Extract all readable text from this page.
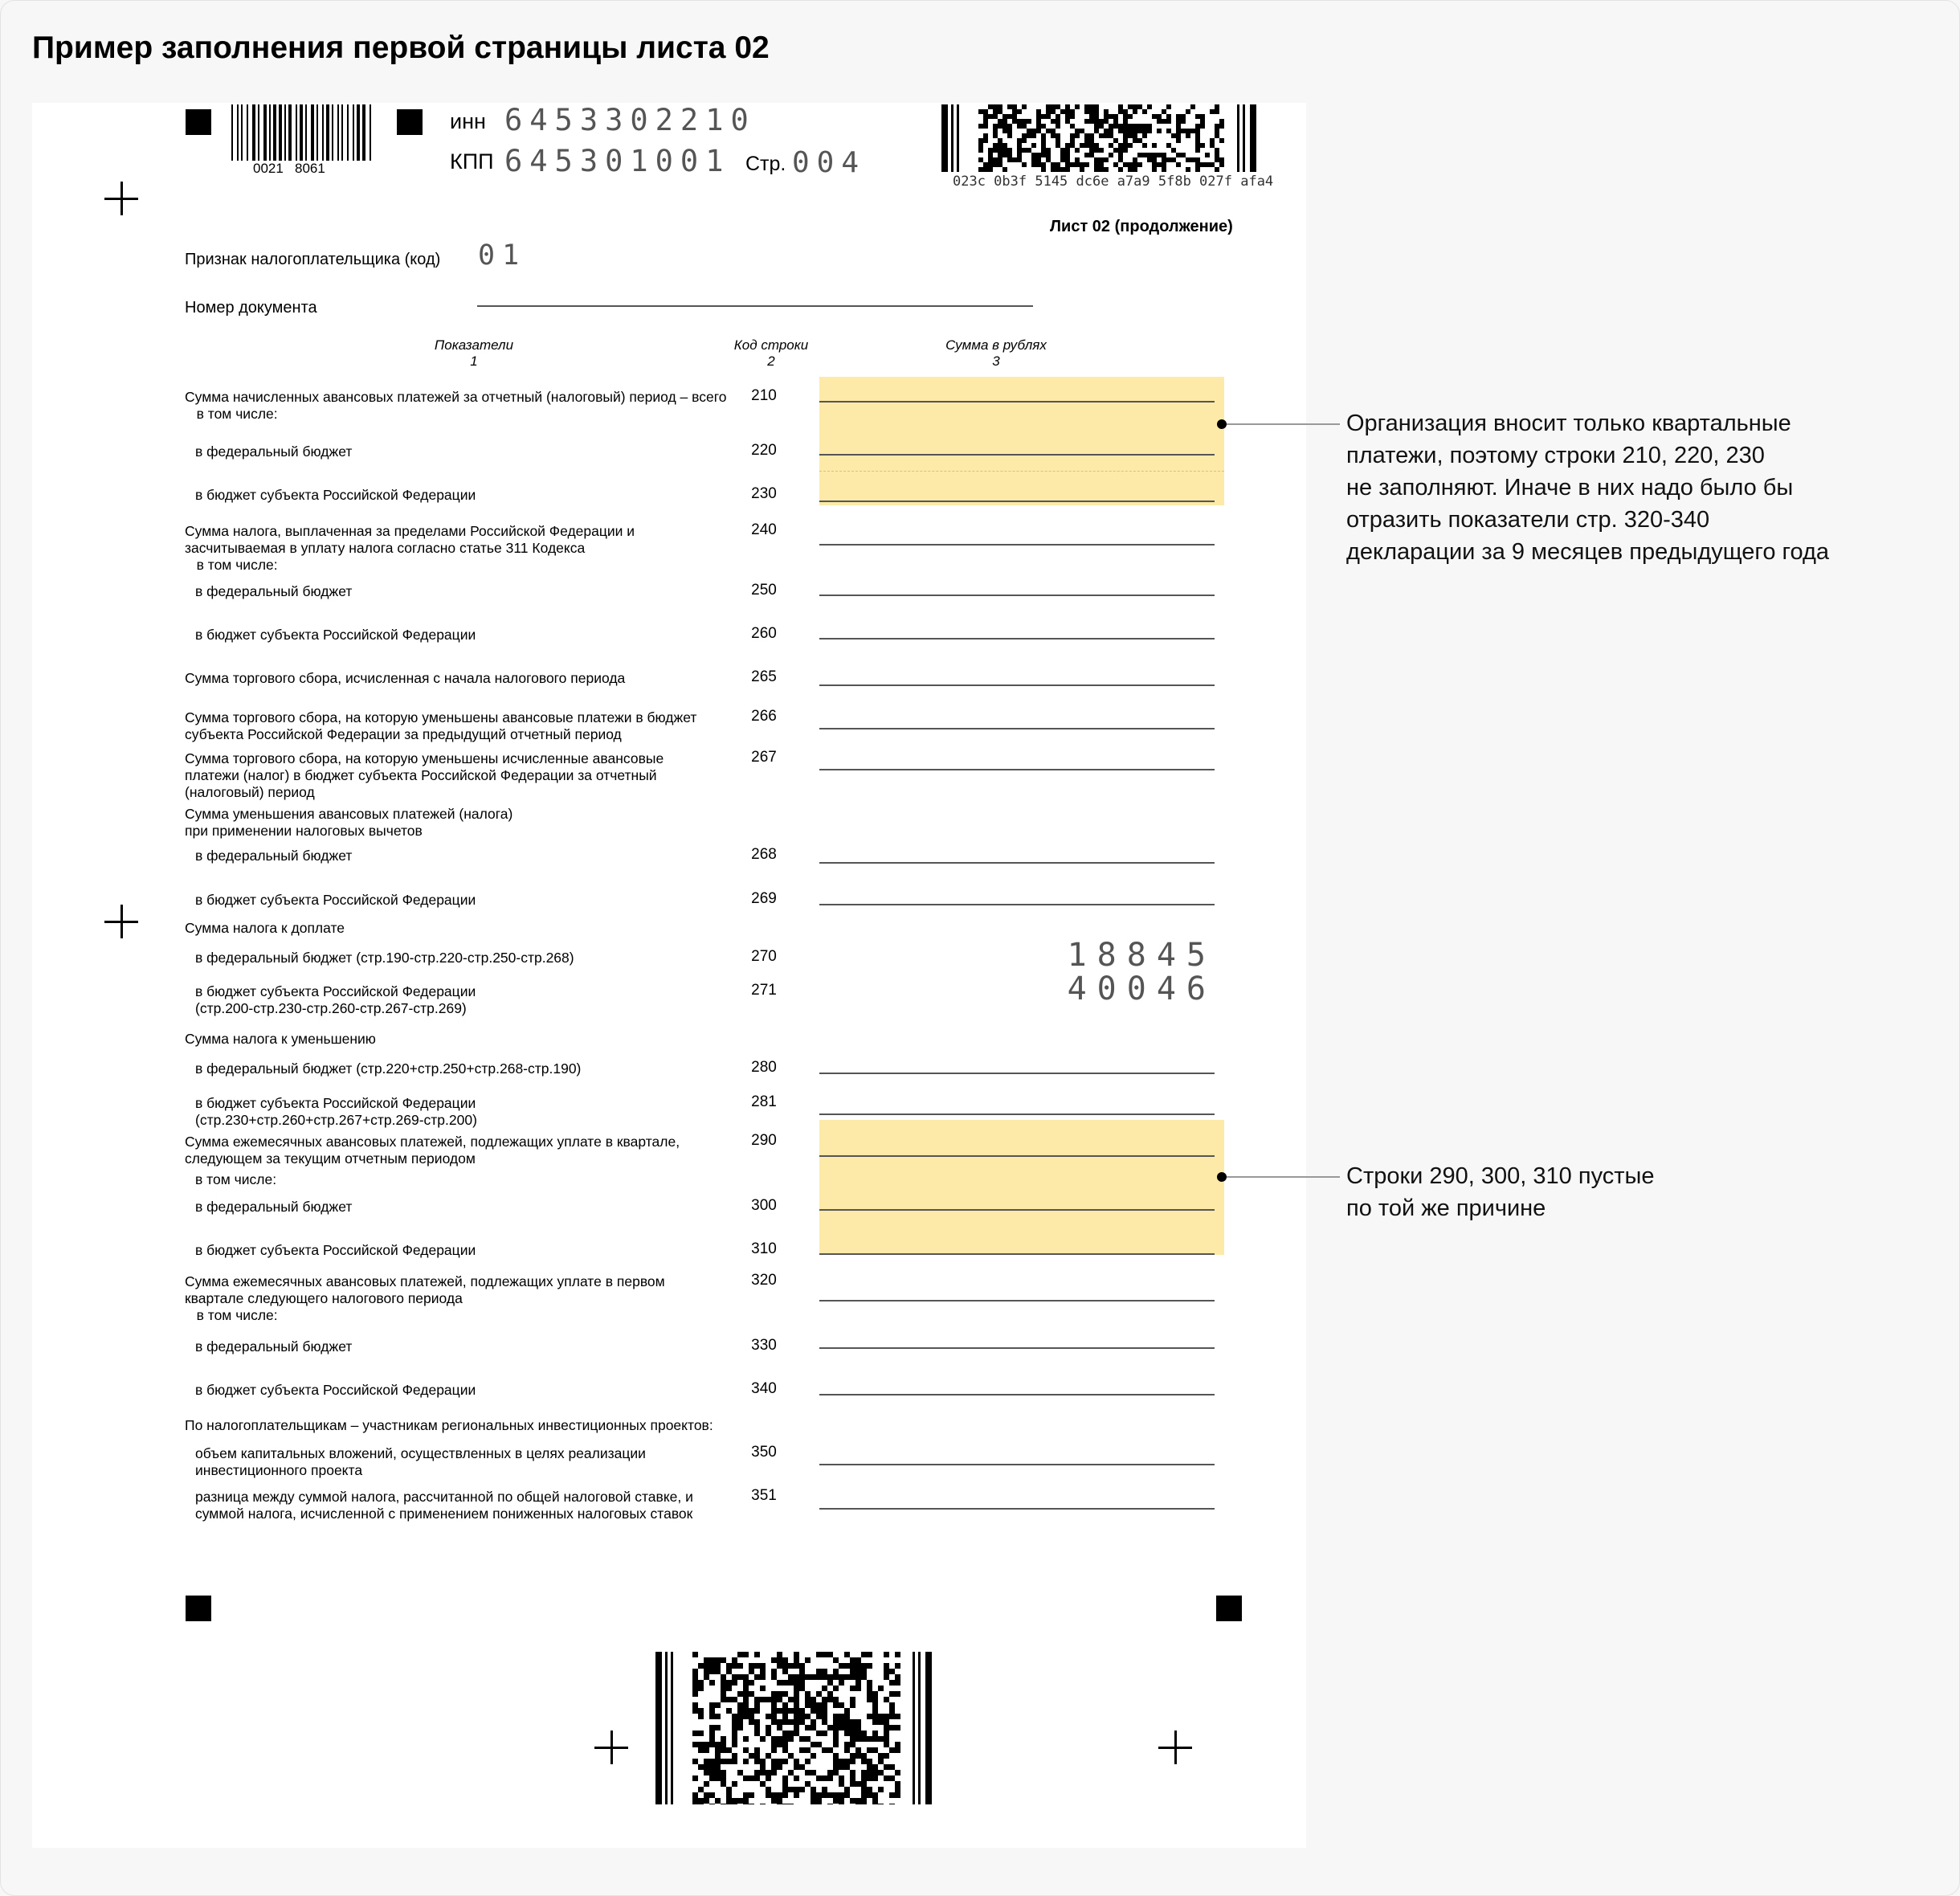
Пример заполнения первой страницы листа 02
0021   8061
инн 6453302210
КПП 645301001 Стр. 004
023c 0b3f 5145 dc6e a7a9 5f8b 027f afa4
Лист 02 (продолжение)
Признак налогоплательщика (код) 01
Номер документа
Показатели
1
Код строки
2
Сумма в рублях
3
Сумма начисленных авансовых платежей за отчетный (налоговый) период – всего
в том числе:
210
в федеральный бюджет	220
в бюджет субъекта Российской Федерации	230
Сумма налога, выплаченная за пределами Российской Федерации и
засчитываемая в уплату налога согласно статье 311 Кодекса
в том числе:
240
в федеральный бюджет	250
в бюджет субъекта Российской Федерации	260
Сумма торгового сбора, исчисленная с начала налогового периода	265
Сумма торгового сбора, на которую уменьшены авансовые платежи в бюджет
субъекта Российской Федерации за предыдущий отчетный период
266
Сумма торгового сбора, на которую уменьшены исчисленные авансовые
платежи (налог) в бюджет субъекта Российской Федерации за отчетный
(налоговый) период
267
Сумма уменьшения авансовых платежей (налога)
при применении налоговых вычетов
в федеральный бюджет	268
в бюджет субъекта Российской Федерации	269
Сумма налога к доплате
в федеральный бюджет (стр.190-стр.220-стр.250-стр.268)	270	18845
в бюджет субъекта Российской Федерации
(стр.200-стр.230-стр.260-стр.267-стр.269)
271	40046
Сумма налога к уменьшению
в федеральный бюджет (стр.220+стр.250+стр.268-стр.190)	280
в бюджет субъекта Российской Федерации
(стр.230+стр.260+стр.267+стр.269-стр.200)
281
Сумма ежемесячных авансовых платежей, подлежащих уплате в квартале,
следующем за текущим отчетным периодом
290
в том числе:
в федеральный бюджет	300
в бюджет субъекта Российской Федерации	310
Сумма ежемесячных авансовых платежей, подлежащих уплате в первом
квартале следующего налогового периода
в том числе:
320
в федеральный бюджет	330
в бюджет субъекта Российской Федерации	340
По налогоплательщикам – участникам региональных инвестиционных проектов:
объем капитальных вложений, осуществленных в целях реализации
инвестиционного проекта
350
разница между суммой налога, рассчитанной по общей налоговой ставке, и
суммой налога, исчисленной с применением пониженных налоговых ставок
351
Организация вносит только квартальные
платежи, поэтому строки 210, 220, 230
не заполняют. Иначе в них надо было бы
отразить показатели стр. 320-340
декларации за 9 месяцев предыдущего года
Строки 290, 300, 310 пустые
по той же причине
